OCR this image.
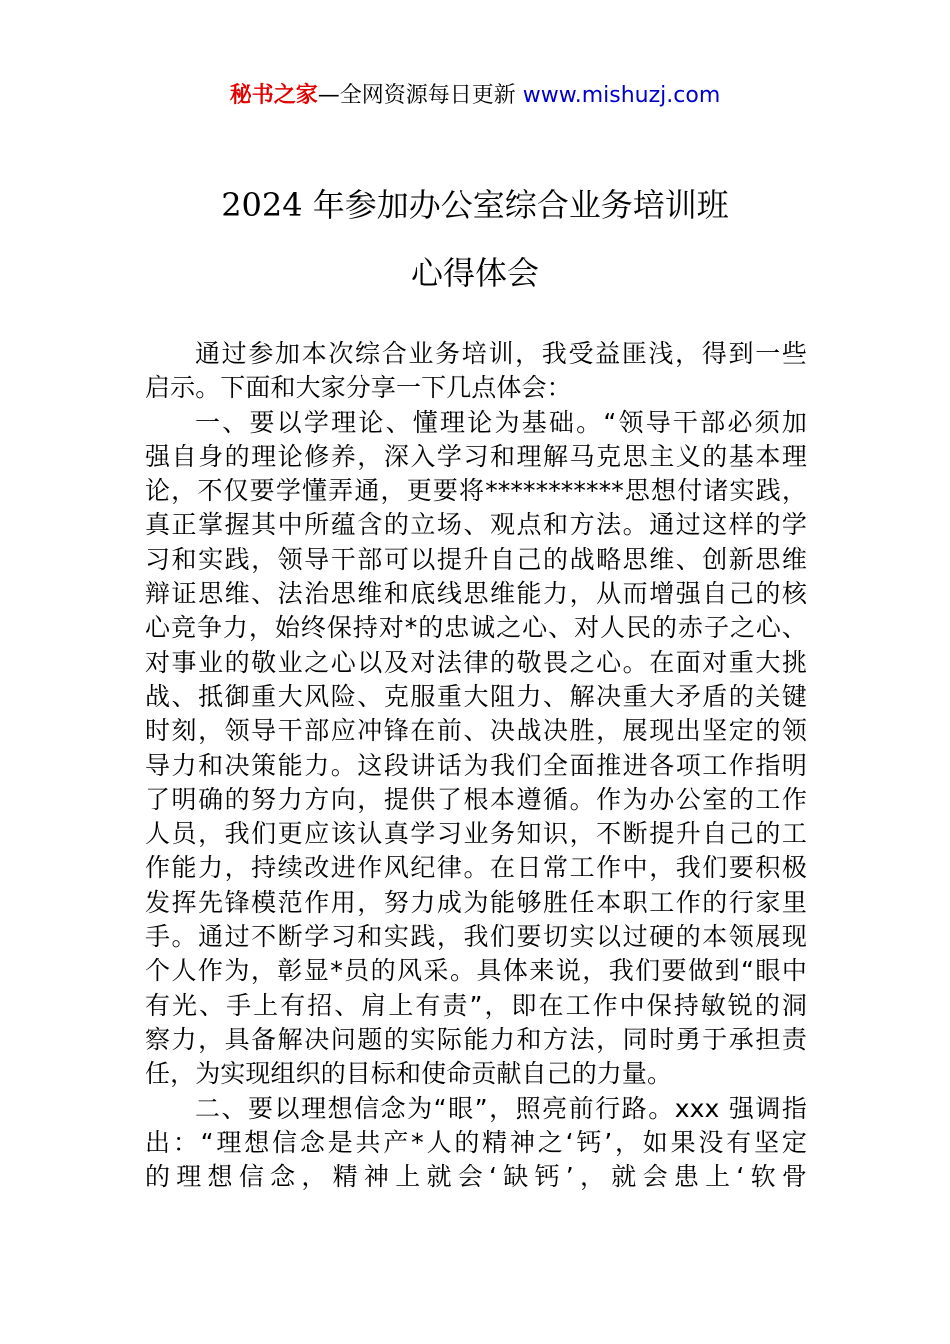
秘书之家—全网资源每日更新 www.mishuzj.com
2024 年参加办公室综合业务培训班
心得体会
通过参加本次综合业务培训，我受益匪浅，得到一些
启示。下面和大家分享一下几点体会：
一、要以学理论、懂理论为基础。“领导干部必须加
强自身的理论修养，深入学习和理解马克思主义的基本理
论，不仅要学懂弄通，更要将***********思想付诸实践，
真正掌握其中所蕴含的立场、观点和方法。通过这样的学
习和实践，领导干部可以提升自己的战略思维、创新思维
辩证思维、法治思维和底线思维能力，从而增强自己的核
心竞争力，始终保持对*的忠诚之心、对人民的赤子之心、
对事业的敬业之心以及对法律的敬畏之心。在面对重大挑
战、抵御重大风险、克服重大阻力、解决重大矛盾的关键
时刻，领导干部应冲锋在前、决战决胜，展现出坚定的领
导力和决策能力。这段讲话为我们全面推进各项工作指明
了明确的努力方向，提供了根本遵循。作为办公室的工作
人员，我们更应该认真学习业务知识，不断提升自己的工
作能力，持续改进作风纪律。在日常工作中，我们要积极
发挥先锋模范作用，努力成为能够胜任本职工作的行家里
手。通过不断学习和实践，我们要切实以过硬的本领展现
个人作为，彰显*员的风采。具体来说，我们要做到“眼中
有光、手上有招、肩上有责”，即在工作中保持敏锐的洞
察力，具备解决问题的实际能力和方法，同时勇于承担责
任，为实现组织的目标和使命贡献自己的力量。
二、要以理想信念为“眼”，照亮前行路。xxx 强调指
出：“理想信念是共产*人的精神之‘钙’，如果没有坚定
的理想信念，精神上就会‘缺钙’，就会患上‘软骨
